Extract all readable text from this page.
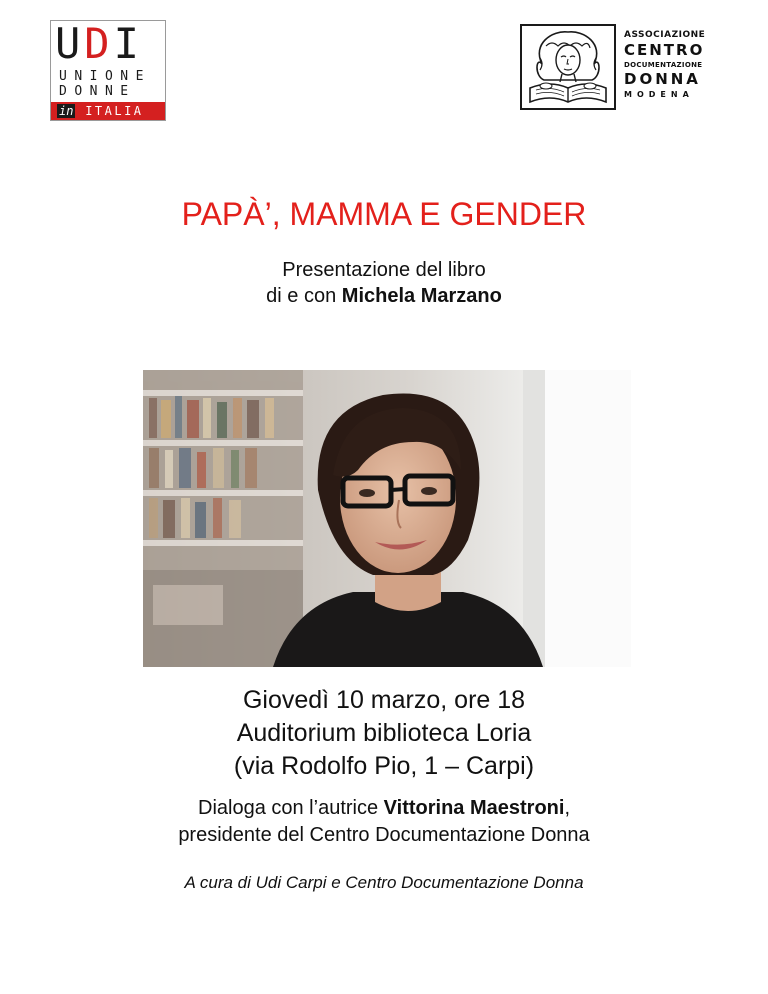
UDI
UNIONE
DONNE
in ITALIA
ASSOCIAZIONE
CENTRO
DOCUMENTAZIONE
DONNA
MODENA
PAPÀ’, MAMMA E GENDER
Presentazione del libro
di e con Michela Marzano
Giovedì 10 marzo, ore 18
Auditorium biblioteca Loria
(via Rodolfo Pio, 1 – Carpi)
Dialoga con l’autrice Vittorina Maestroni,
presidente del Centro Documentazione Donna
A cura di Udi Carpi e Centro Documentazione Donna
